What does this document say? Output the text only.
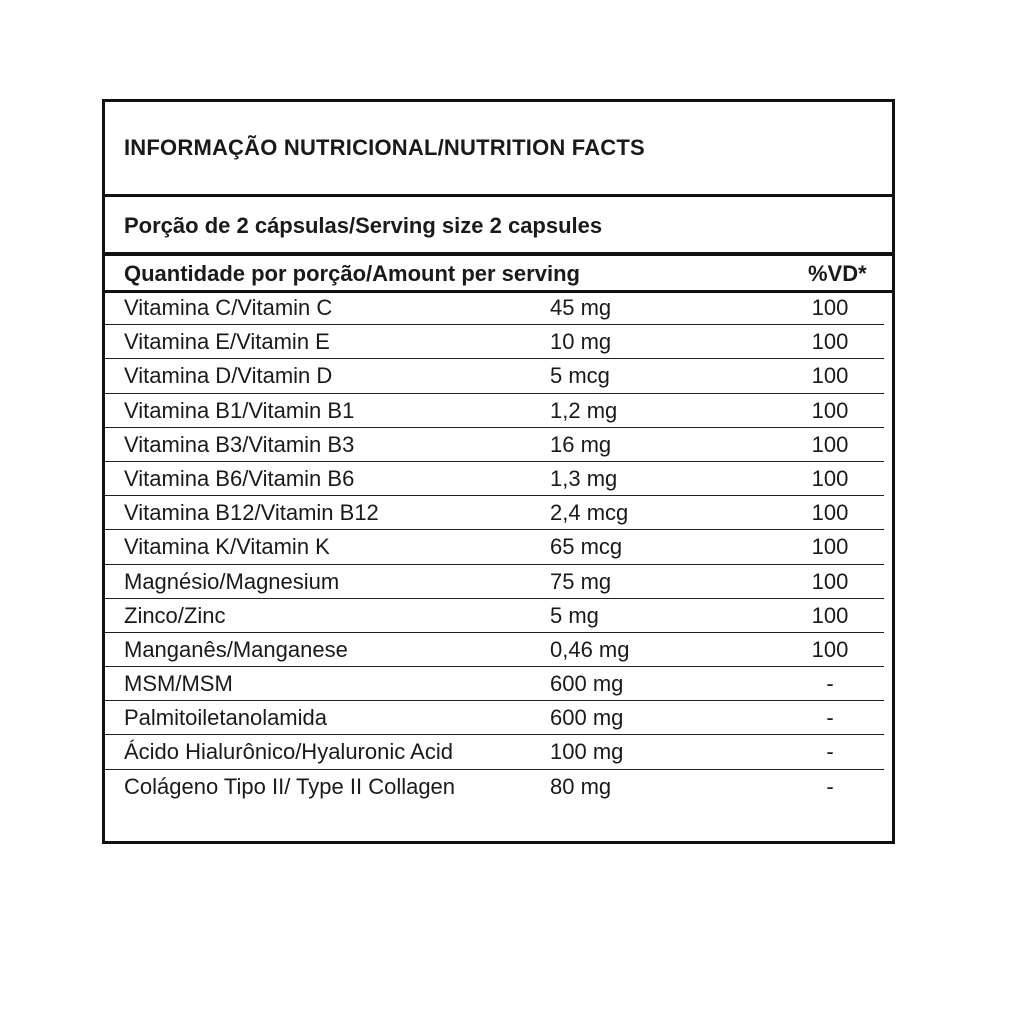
INFORMAÇÃO NUTRICIONAL/NUTRITION FACTS
Porção de 2 cápsulas/Serving size 2 capsules
Quantidade por porção/Amount per serving	%VD*
Vitamina C/Vitamin C	45 mg	100
Vitamina E/Vitamin E	10 mg	100
Vitamina D/Vitamin D	5 mcg	100
Vitamina B1/Vitamin B1	1,2 mg	100
Vitamina B3/Vitamin B3	16 mg	100
Vitamina B6/Vitamin B6	1,3 mg	100
Vitamina B12/Vitamin B12	2,4 mcg	100
Vitamina K/Vitamin K	65 mcg	100
Magnésio/Magnesium	75 mg	100
Zinco/Zinc	5 mg	100
Manganês/Manganese	0,46 mg	100
MSM/MSM	600 mg	-
Palmitoiletanolamida	600 mg	-
Ácido Hialurônico/Hyaluronic Acid	100 mg	-
Colágeno Tipo II/ Type II Collagen	80 mg	-
